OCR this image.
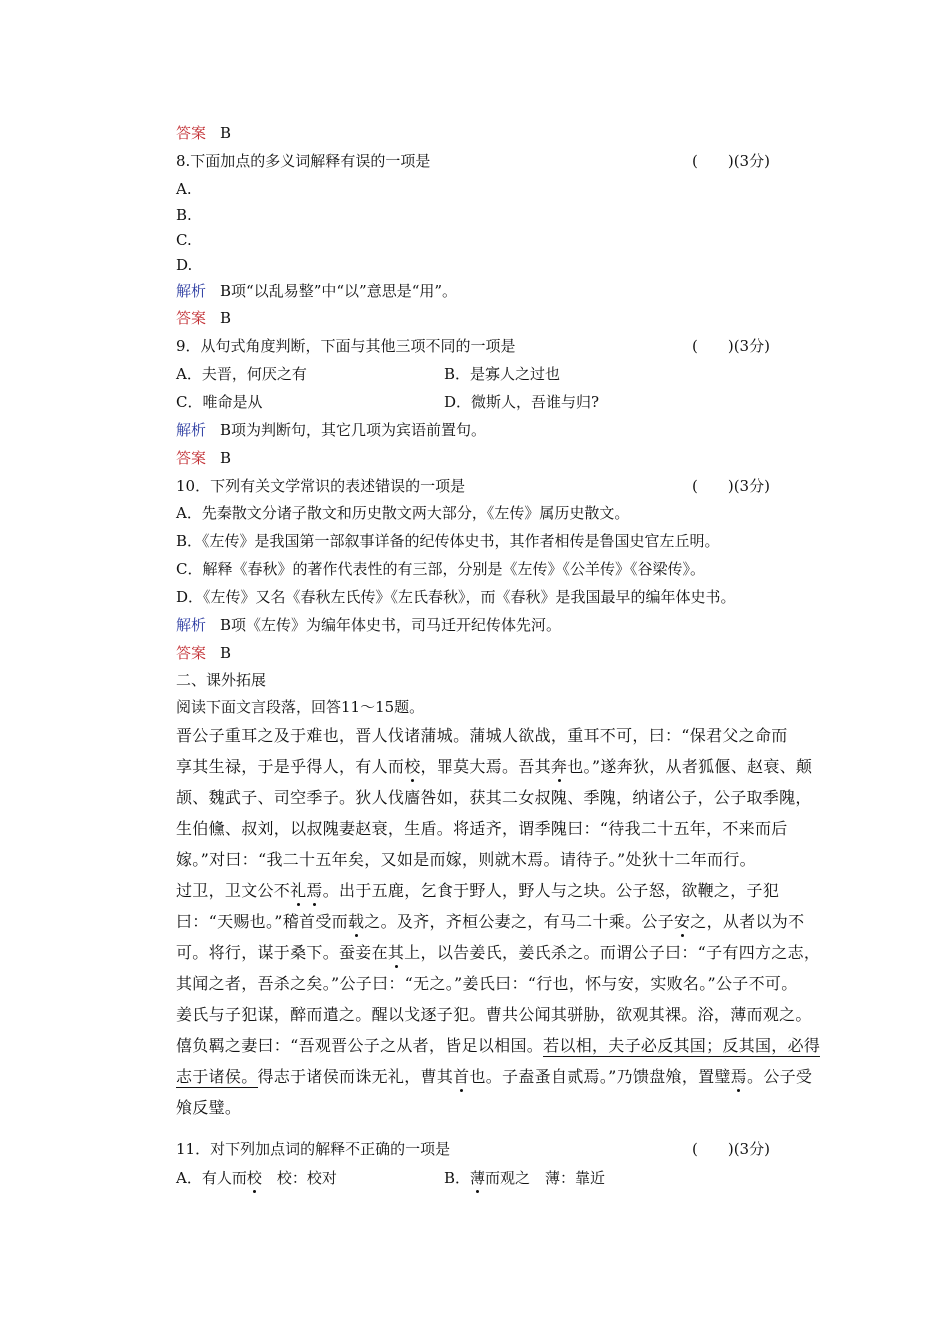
答案 B
8.下面加点的多义词解释有误的一项是	(　　)(3分)
A.
B.
C.
D.
解析 B项“以乱易整”中“以”意思是“用”。
答案 B
9．从句式角度判断，下面与其他三项不同的一项是	(　　)(3分)
A．夫晋，何厌之有	B．是寡人之过也
C．唯命是从	D．微斯人，吾谁与归?
解析 B项为判断句，其它几项为宾语前置句。
答案 B
10．下列有关文学常识的表述错误的一项是	(　　)(3分)
A．先秦散文分诸子散文和历史散文两大部分，《左传》属历史散文。
B．《左传》是我国第一部叙事详备的纪传体史书，其作者相传是鲁国史官左丘明。
C．解释《春秋》的著作代表性的有三部，分别是《左传》《公羊传》《谷梁传》。
D．《左传》又名《春秋左氏传》《左氏春秋》，而《春秋》是我国最早的编年体史书。
解析 B项《左传》为编年体史书，司马迁开纪传体先河。
答案 B
二、课外拓展
阅读下面文言段落，回答11～15题。
晋公子重耳之及于难也，晋人伐诸蒲城。蒲城人欲战，重耳不可，曰：“保君父之命而
享其生禄，于是乎得人，有人而校，罪莫大焉。吾其奔也。”遂奔狄，从者狐偃、赵衰、颠
颉、魏武子、司空季子。狄人伐廧咎如，获其二女叔隗、季隗，纳诸公子，公子取季隗，
生伯儵、叔刘，以叔隗妻赵衰，生盾。将适齐，谓季隗曰：“待我二十五年，不来而后
嫁。”对曰：“我二十五年矣，又如是而嫁，则就木焉。请待子。”处狄十二年而行。
过卫，卫文公不礼焉。出于五鹿，乞食于野人，野人与之块。公子怒，欲鞭之，子犯
曰：“天赐也。”稽首受而载之。及齐，齐桓公妻之，有马二十乘。公子安之，从者以为不
可。将行，谋于桑下。蚕妾在其上，以告姜氏，姜氏杀之。而谓公子曰：“子有四方之志，
其闻之者，吾杀之矣。”公子曰：“无之。”姜氏曰：“行也，怀与安，实败名。”公子不可。
姜氏与子犯谋，醉而遣之。醒以戈逐子犯。曹共公闻其骈胁，欲观其裸。浴，薄而观之。
僖负羁之妻曰：“吾观晋公子之从者，皆足以相国。若以相，夫子必反其国；反其国，必得
志于诸侯。得志于诸侯而诛无礼，曹其首也。子盍蚤自贰焉。”乃馈盘飧，置璧焉。公子受
飧反璧。
11．对下列加点词的解释不正确的一项是	(　　)(3分)
A．有人而校　校：校对	B．薄而观之　薄：靠近
